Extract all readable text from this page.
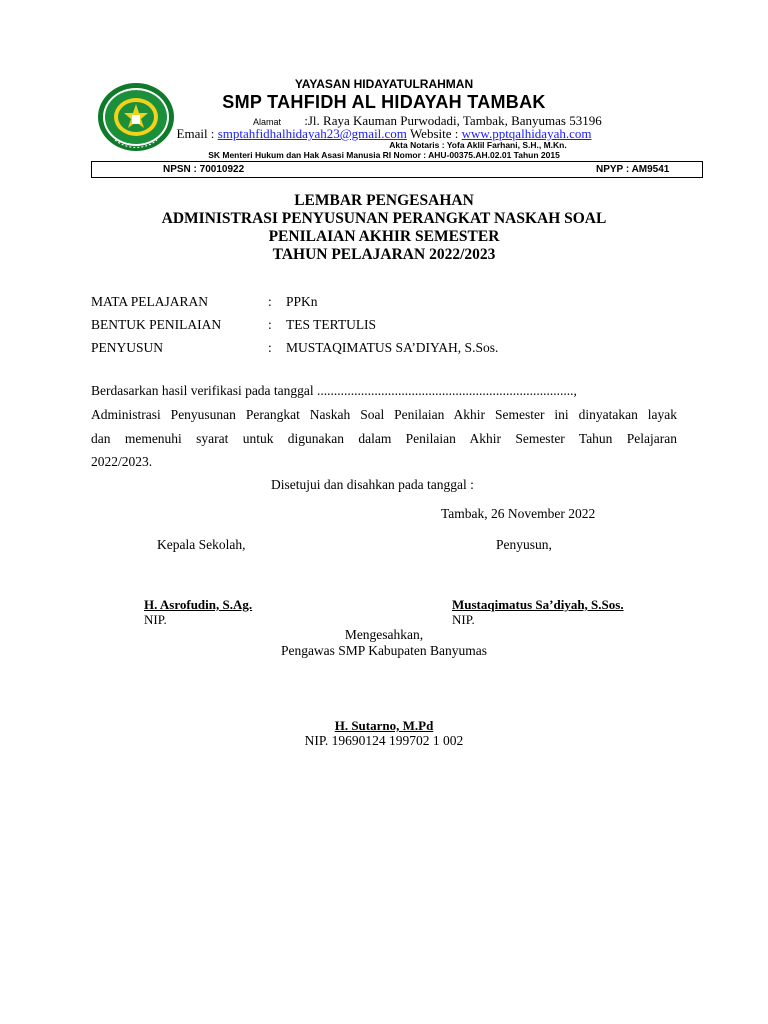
YAYASAN HIDAYATULRAHMAN
SMP TAHFIDH AL HIDAYAH TAMBAK
Alamat :Jl. Raya Kauman Purwodadi, Tambak, Banyumas 53196
Email : smptahfidhalhidayah23@gmail.com Website : www.pptqalhidayah.com
Akta Notaris : Yofa Aklil Farhani, S.H., M.Kn.
SK Menteri Hukum dan Hak Asasi Manusia RI Nomor : AHU-00375.AH.02.01 Tahun 2015
NPSN : 70010922	NPYP : AM9541
LEMBAR PENGESAHAN
ADMINISTRASI PENYUSUNAN PERANGKAT NASKAH SOAL
PENILAIAN AKHIR SEMESTER
TAHUN PELAJARAN 2022/2023
MATA PELAJARAN	: PPKn
BENTUK PENILAIAN	: TES TERTULIS
PENYUSUN	: MUSTAQIMATUS SA’DIYAH, S.Sos.
Berdasarkan hasil verifikasi pada tanggal ............................................................................,
Administrasi Penyusunan Perangkat Naskah Soal Penilaian Akhir Semester ini dinyatakan layak
dan memenuhi syarat untuk digunakan dalam Penilaian Akhir Semester Tahun Pelajaran
2022/2023.
Disetujui dan disahkan pada tanggal :
Tambak, 26 November 2022
Kepala Sekolah,	Penyusun,
H. Asrofudin, S.Ag.
NIP.
Mustaqimatus Sa’diyah, S.Sos.
NIP.
Mengesahkan,
Pengawas SMP Kabupaten Banyumas
H. Sutarno, M.Pd
NIP. 19690124 199702 1 002
